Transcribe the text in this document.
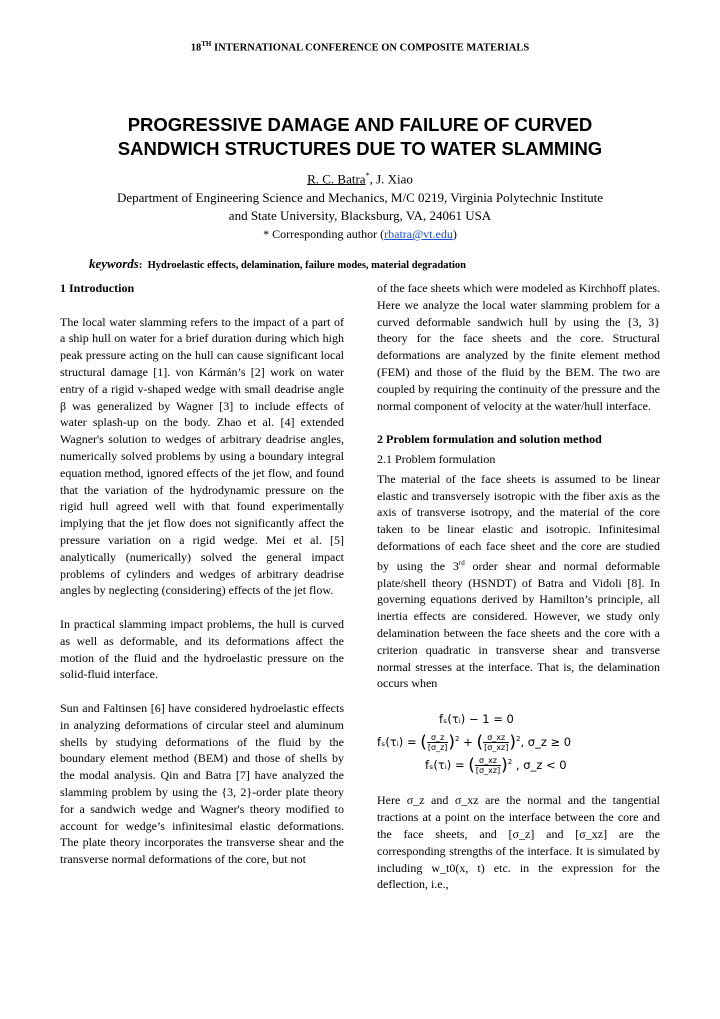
18TH INTERNATIONAL CONFERENCE ON COMPOSITE MATERIALS
PROGRESSIVE DAMAGE AND FAILURE OF CURVED
SANDWICH STRUCTURES DUE TO WATER SLAMMING
R. C. Batra*, J. Xiao
Department of Engineering Science and Mechanics, M/C 0219, Virginia Polytechnic Institute
and State University, Blacksburg, VA, 24061 USA
* Corresponding author (rbatra@vt.edu)
keywords: Hydroelastic effects, delamination, failure modes, material degradation

1 Introduction

The local water slamming refers to the impact of a part of a ship hull on water for a brief duration during which high peak pressure acting on the hull can cause significant local structural damage [1]. von Kármán’s [2] work on water entry of a rigid v-shaped wedge with small deadrise angle β was generalized by Wagner [3] to include effects of water splash-up on the body. Zhao et al. [4] extended Wagner's solution to wedges of arbitrary deadrise angles, numerically solved problems by using a boundary integral equation method, ignored effects of the jet flow, and found that the variation of the hydrodynamic pressure on the rigid hull agreed well with that found experimentally implying that the jet flow does not significantly affect the pressure variation on a rigid wedge. Mei et al. [5] analytically (numerically) solved the general impact problems of cylinders and wedges of arbitrary deadrise angles by neglecting (considering) effects of the jet flow.

In practical slamming impact problems, the hull is curved as well as deformable, and its deformations affect the motion of the fluid and the hydroelastic pressure on the solid-fluid interface.

Sun and Faltinsen [6] have considered hydroelastic effects in analyzing deformations of circular steel and aluminum shells by studying deformations of the fluid by the boundary element method (BEM) and those of shells by the modal analysis. Qin and Batra [7] have analyzed the slamming problem by using the {3, 2}-order plate theory for a sandwich wedge and Wagner's theory modified to account for wedge’s infinitesimal elastic deformations. The plate theory incorporates the transverse shear and the transverse normal deformations of the core, but not

of the face sheets which were modeled as Kirchhoff plates. Here we analyze the local water slamming problem for a curved deformable sandwich hull by using the {3, 3} theory for the face sheets and the core. Structural deformations are analyzed by the finite element method (FEM) and those of the fluid by the BEM. The two are coupled by requiring the continuity of the pressure and the normal component of velocity at the water/hull interface.

2 Problem formulation and solution method

2.1 Problem formulation

The material of the face sheets is assumed to be linear elastic and transversely isotropic with the fiber axis as the axis of transverse isotropy, and the material of the core taken to be linear elastic and isotropic. Infinitesimal deformations of each face sheet and the core are studied by using the 3rd order shear and normal deformable plate/shell theory (HSNDT) of Batra and Vidoli [8]. In governing equations derived by Hamilton’s principle, all inertia effects are considered. However, we study only delamination between the face sheets and the core with a criterion quadratic in transverse shear and transverse normal stresses at the interface. That is, the delamination occurs when

fₛ(τᵢ) − 1 = 0
fₛ(τᵢ) = ( $\frac{\sigma\_z}{[\sigma\_z]} )^2$ + ( $\frac{\sigma\_xz}{[\sigma\_xz]} )^2$, σ_z ≥ 0
fₛ(τᵢ) = ( $\frac{\sigma\_xz}{[\sigma\_xz]} )^2$ , σ_z < 0

Here σ_z and σ_xz are the normal and the tangential tractions at a point on the interface between the core and the face sheets, and [σ_z] and [σ_xz] are the corresponding strengths of the interface. It is simulated by including w_t0(x, t) etc. in the expression for the deflection, i.e.,
